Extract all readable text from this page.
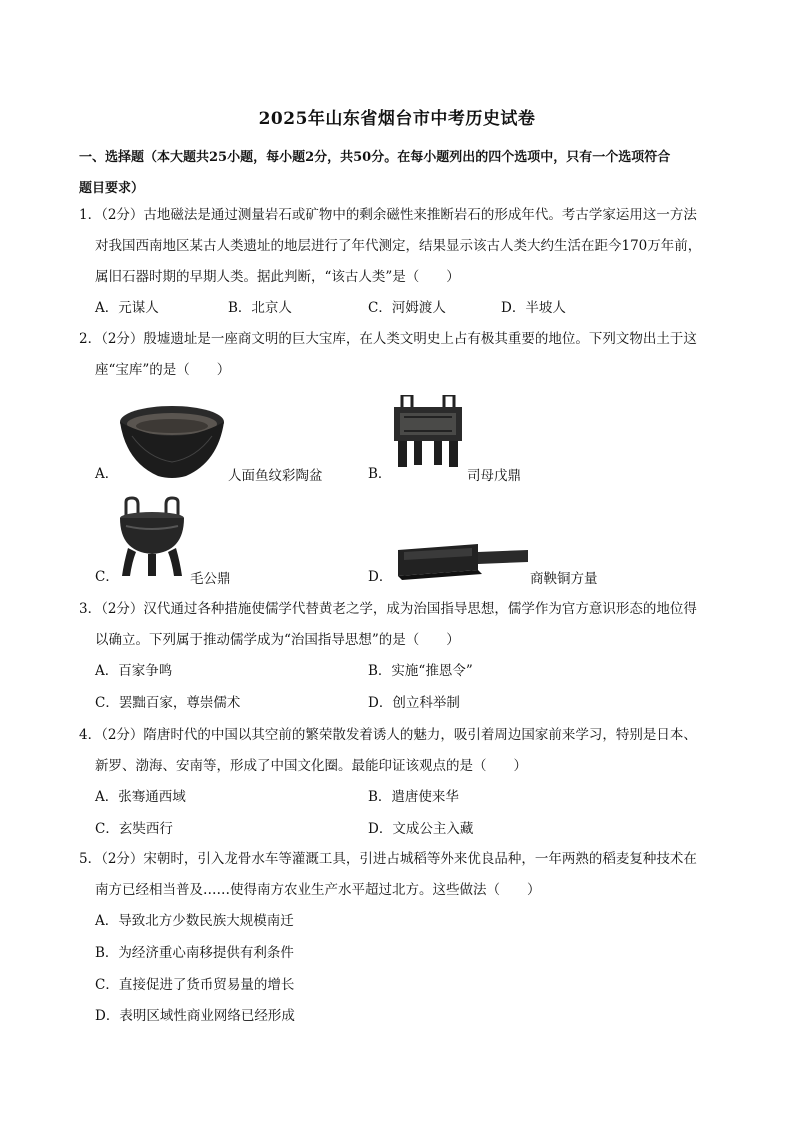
2025年山东省烟台市中考历史试卷
一、选择题（本大题共25小题，每小题2分，共50分。在每小题列出的四个选项中，只有一个选项符合
题目要求）
1．（2分）古地磁法是通过测量岩石或矿物中的剩余磁性来推断岩石的形成年代。考古学家运用这一方法
对我国西南地区某古人类遗址的地层进行了年代测定，结果显示该古人类大约生活在距今170万年前，
属旧石器时期的早期人类。据此判断，“该古人类”是（　　）
A．元谋人	B．北京人	C．河姆渡人	D．半坡人
2．（2分）殷墟遗址是一座商文明的巨大宝库，在人类文明史上占有极其重要的地位。下列文物出土于这
座“宝库”的是（　　）
A．	人面鱼纹彩陶盆	B．	司母戊鼎
C．	毛公鼎	D．	商鞅铜方量
3．（2分）汉代通过各种措施使儒学代替黄老之学，成为治国指导思想，儒学作为官方意识形态的地位得
以确立。下列属于推动儒学成为“治国指导思想”的是（　　）
A．百家争鸣	B．实施“推恩令”
C．罢黜百家，尊崇儒术	D．创立科举制
4．（2分）隋唐时代的中国以其空前的繁荣散发着诱人的魅力，吸引着周边国家前来学习，特别是日本、
新罗、渤海、安南等，形成了中国文化圈。最能印证该观点的是（　　）
A．张骞通西域	B．遣唐使来华
C．玄奘西行	D．文成公主入藏
5．（2分）宋朝时，引入龙骨水车等灌溉工具，引进占城稻等外来优良品种，一年两熟的稻麦复种技术在
南方已经相当普及……使得南方农业生产水平超过北方。这些做法（　　）
A．导致北方少数民族大规模南迁
B．为经济重心南移提供有利条件
C．直接促进了货币贸易量的增长
D．表明区域性商业网络已经形成
